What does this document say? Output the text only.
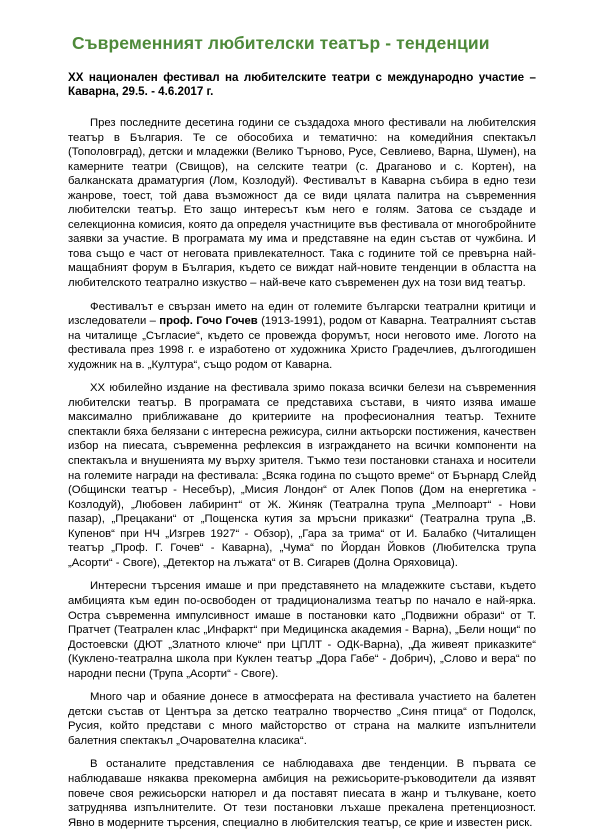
Съвременният любителски театър - тенденции
XX национален фестивал на любителските театри с международно участие – Каварна, 29.5. - 4.6.2017 г.

През последните десетина години се създадоха много фестивали на любителския театър в България. Те се обособиха и тематично: на комедийния спектакъл (Тополовград), детски и младежки (Велико Търново, Русе, Севлиево, Варна, Шумен), на камерните театри (Свищов), на селските театри (с. Драганово и с. Кортен), на балканската драматургия (Лом, Козлодуй). Фестивалът в Каварна събира в едно тези жанрове, тоест, той дава възможност да се види цялата палитра на съвременния любителски театър. Ето защо интересът към него е голям. Затова се създаде и селекционна комисия, която да определя участниците във фестивала от многобройните заявки за участие. В програмата му има и представяне на един състав от чужбина. И това също е част от неговата привлекателност. Така с годините той се превърна най-мащабният форум в България, където се виждат най-новите тенденции в областта на любителското театрално изкуство – най-вече като съвременен дух на този вид театър.

Фестивалът е свързан името на един от големите български театрални критици и изследователи – проф. Гочо Гочев (1913-1991), родом от Каварна. Театралният състав на читалище „Съгласие“, където се провежда форумът, носи неговото име. Логото на фестивала през 1998 г. е изработено от художника Христо Градечлиев, дългогодишен художник на в. „Култура“, също родом от Каварна.

XX юбилейно издание на фестивала зримо показа всички белези на съвременния любителски театър. В програмата се представиха състави, в чиято изява имаше максимално приближаване до критериите на професионалния театър. Техните спектакли бяха белязани с интересна режисура, силни актьорски постижения, качествен избор на пиесата, съвременна рефлексия в изграждането на всички компоненти на спектакъла и внушенията му върху зрителя. Тъкмо тези постановки станаха и носители на големите награди на фестивала: „Всяка година по същото време“ от Бърнард Слейд (Общински театър - Несебър), „Мисия Лондон“ от Алек Попов (Дом на енергетика - Козлодуй), „Любовен лабиринт“ от Ж. Жиняк (Театрална трупа „Мелпоарт“ - Нови пазар), „Прецакани“ от „Пощенска кутия за мръсни приказки“ (Театрална трупа „В. Купенов“ при НЧ „Изгрев 1927“ - Обзор), „Гара за трима“ от И. Балабко (Читалищен театър „Проф. Г. Гочев“ - Каварна), „Чума“ по Йордан Йовков (Любителска трупа „Асорти“ - Своге), „Детектор на лъжата“ от В. Сигарев (Долна Оряховица).

Интересни търсения имаше и при представянето на младежките състави, където амбицията към един по-освободен от традиционализма театър по начало е най-ярка. Остра съвременна импулсивност имаше в постановки като „Подвижни образи“ от Т. Пратчет (Театрален клас „Инфаркт“ при Медицинска академия - Варна), „Бели нощи“ по Достоевски (ДЮТ „Златното ключе“ при ЦПЛТ - ОДК-Варна), „Да живеят приказките“ (Куклено-театрална школа при Куклен театър „Дора Габе“ - Добрич), „Слово и вера“ по народни песни (Трупа „Асорти“ - Своге).

Много чар и обаяние донесе в атмосферата на фестивала участието на балетен детски състав от Центъра за детско театрално творчество „Синя птица“ от Подолск, Русия, който представи с много майсторство от страна на малките изпълнители балетния спектакъл „Очарователна класика“.

В останалите представления се наблюдаваха две тенденции. В първата се наблюдаваше някаква прекомерна амбиция на режисьорите-ръководители да изявят повече своя режисьорски натюрел и да поставят пиесата в жанр и тълкуване, което затруднява изпълнителите. От тези постановки лъхаше прекалена претенциозност. Явно в модерните търсения, специално в любителския театър, се крие и известен риск.
